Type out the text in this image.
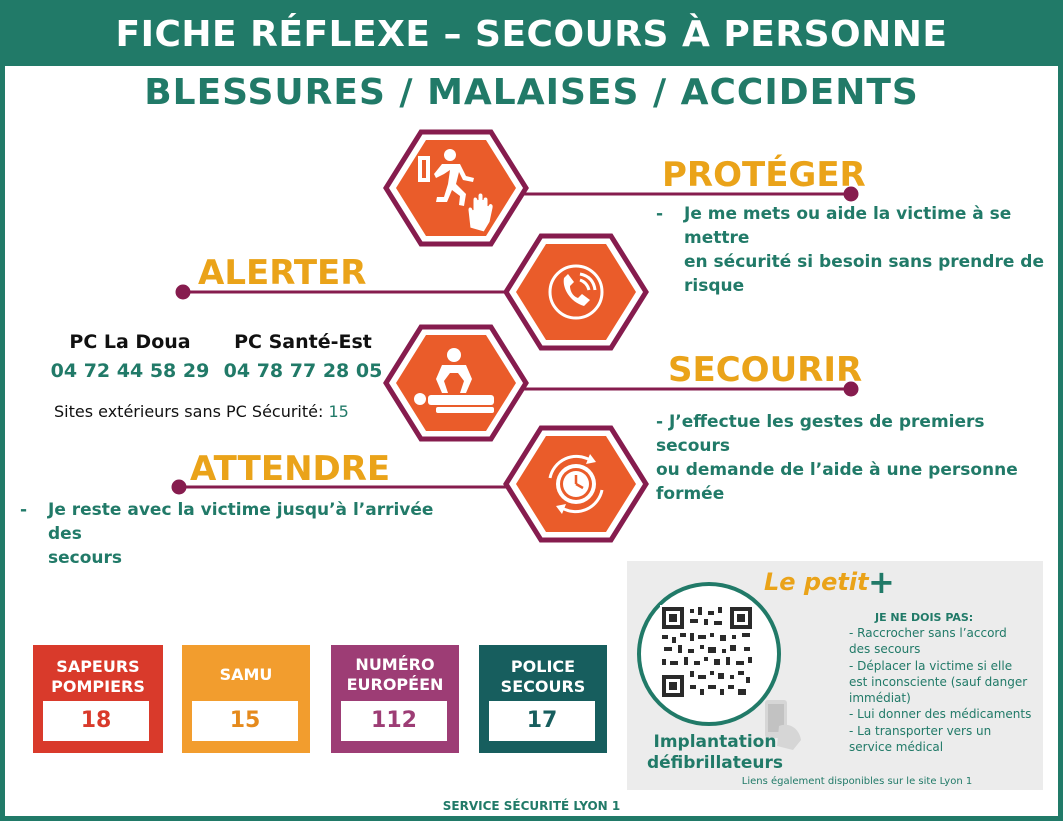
FICHE RÉFLEXE – SECOURS À PERSONNE
BLESSURES / MALAISES / ACCIDENTS
PROTÉGER
- Je me mets ou aide la victime à se mettre
en sécurité si besoin sans prendre de
risque
ALERTER
PC La Doua
04 72 44 58 29
PC Santé-Est
04 78 77 28 05
Sites extérieurs sans PC Sécurité: 15
SECOURIR
- J’effectue les gestes de premiers secours
ou demande de l’aide à une personne
formée
ATTENDRE
- Je reste avec la victime jusqu’à l’arrivée des
secours
SAPEURS
POMPIERS
18
SAMU
15
NUMÉRO
EUROPÉEN
112
POLICE
SECOURS
17
Le petit +
Implantation
défibrillateurs
JE NE DOIS PAS:
- Raccrocher sans l’accord
des secours
- Déplacer la victime si elle
est inconsciente (sauf danger
immédiat)
- Lui donner des médicaments
- La transporter vers un
service médical
Liens également disponibles sur le site Lyon 1
SERVICE SÉCURITÉ LYON 1
